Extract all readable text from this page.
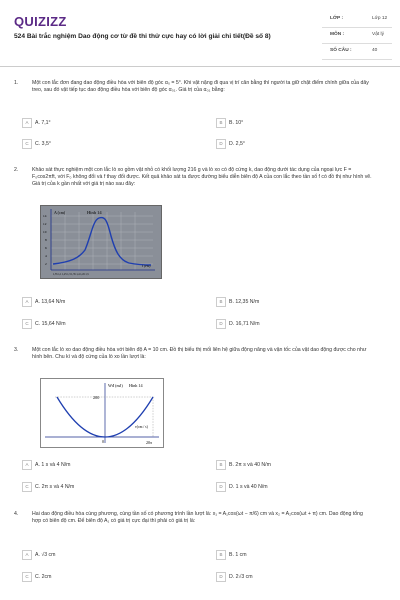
QUIZIZZ
524 Bài trắc nghiệm Dao động cơ từ đề thi thử cực hay có lời giải chi tiết(Đề số 8)
LỚP :	Lớp 12
MÔN :	Vật lý
SỐ CÂU :	40
1.	Một con lắc đơn đang dao động điều hòa với biên độ góc α₀ = 5°. Khi vật nặng đi qua vị trí cân bằng thì người ta giữ chặt điểm chính giữa của dây treo, sau đó vật tiếp tục dao động điều hòa với biên độ góc α₀₁. Giá trị của α₀₁ bằng:
A	A. 7,1°	B	B. 10°
C	C. 3,5°	D	D. 2,5°
2.	Khảo sát thực nghiệm một con lắc lò xo gồm vật nhỏ có khối lượng 216 g và lò xo có độ cứng k, dao động dưới tác dụng của ngoại lực F = F₀cos2πft, với F₀ không đổi và f thay đổi được. Kết quả khảo sát ta được đường biểu diễn biên độ A của con lắc theo tần số f có đồ thị như hình vẽ. Giá trị của k gần nhất với giá trị nào sau đây:
A (cm)	Hình 14
f (Hz)
14
12
10
8
6
4
2
1,35 1,1 1,25 1,3 1,35 1,4 1,45 1,5
A	A. 13,64 N/m	B	B. 12,35 N/m
C	C. 15,64 N/m	D	D. 16,71 N/m
3.	Một con lắc lò xo dao động điều hòa với biên độ A = 10 cm. Đồ thị biểu thị mối liên hệ giữa động năng và vận tốc của vật dao động được cho như hình bên. Chu kì và độ cứng của lò xo lần lượt là:
Wđ (mJ) Hình 14
200
v(cm / s)
0	20π
A	A. 1 s và 4 N/m	B	B. 2π s và 40 N/m
C	C. 2π s và 4 N/m	D	D. 1 s và 40 N/m
4.	Hai dao động điều hòa cùng phương, cùng tần số có phương trình lần lượt là: x₁ = A₁cos(ωt − π/6) cm và x₂ = A₂cos(ωt + π) cm. Dao động tổng hợp có biên độ cm. Để biên độ A₁ có giá trị cực đại thì phải có giá trị là:
A	A. √3 cm	B	B. 1 cm
C	C. 2cm	D	D. 2√3 cm
